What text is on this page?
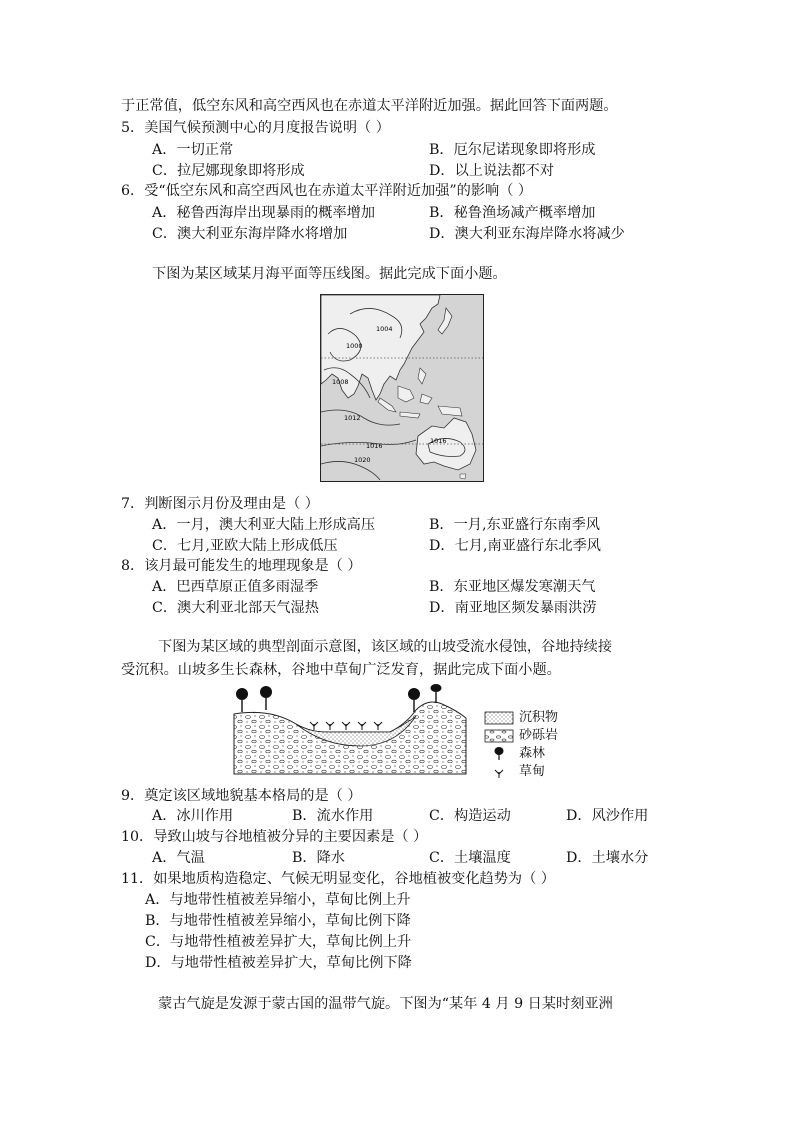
于正常值，低空东风和高空西风也在赤道太平洋附近加强。据此回答下面两题。
5．美国气候预测中心的月度报告说明（ ）
A．一切正常	B．厄尔尼诺现象即将形成
C．拉尼娜现象即将形成	D．以上说法都不对
6．受“低空东风和高空西风也在赤道太平洋附近加强”的影响（ ）
A．秘鲁西海岸出现暴雨的概率增加	B．秘鲁渔场减产概率增加
C．澳大利亚东海岸降水将增加	D．澳大利亚东海岸降水将减少
下图为某区域某月海平面等压线图。据此完成下面小题。
1004
1000
1008
1012
1016
1016
1020
7．判断图示月份及理由是（ ）
A．一月，澳大利亚大陆上形成高压	B．一月,东亚盛行东南季风
C．七月,亚欧大陆上形成低压	D．七月,南亚盛行东北季风
8．该月最可能发生的地理现象是（ ）
A．巴西草原正值多雨湿季	B．东亚地区爆发寒潮天气
C．澳大利亚北部天气湿热	D．南亚地区频发暴雨洪涝
下图为某区域的典型剖面示意图，该区域的山坡受流水侵蚀，谷地持续接
受沉积。山坡多生长森林，谷地中草甸广泛发育，据此完成下面小题。
沉积物
砂砾岩
森林
草甸
9．奠定该区域地貌基本格局的是（ ）
A．冰川作用	B．流水作用	C．构造运动	D．风沙作用
10．导致山坡与谷地植被分异的主要因素是（ ）
A．气温	B．降水	C．土壤温度	D．土壤水分
11．如果地质构造稳定、气候无明显变化，谷地植被变化趋势为（ ）
A．与地带性植被差异缩小，草甸比例上升
B．与地带性植被差异缩小，草甸比例下降
C．与地带性植被差异扩大，草甸比例上升
D．与地带性植被差异扩大，草甸比例下降
蒙古气旋是发源于蒙古国的温带气旋。下图为“某年 4 月 9 日某时刻亚洲
